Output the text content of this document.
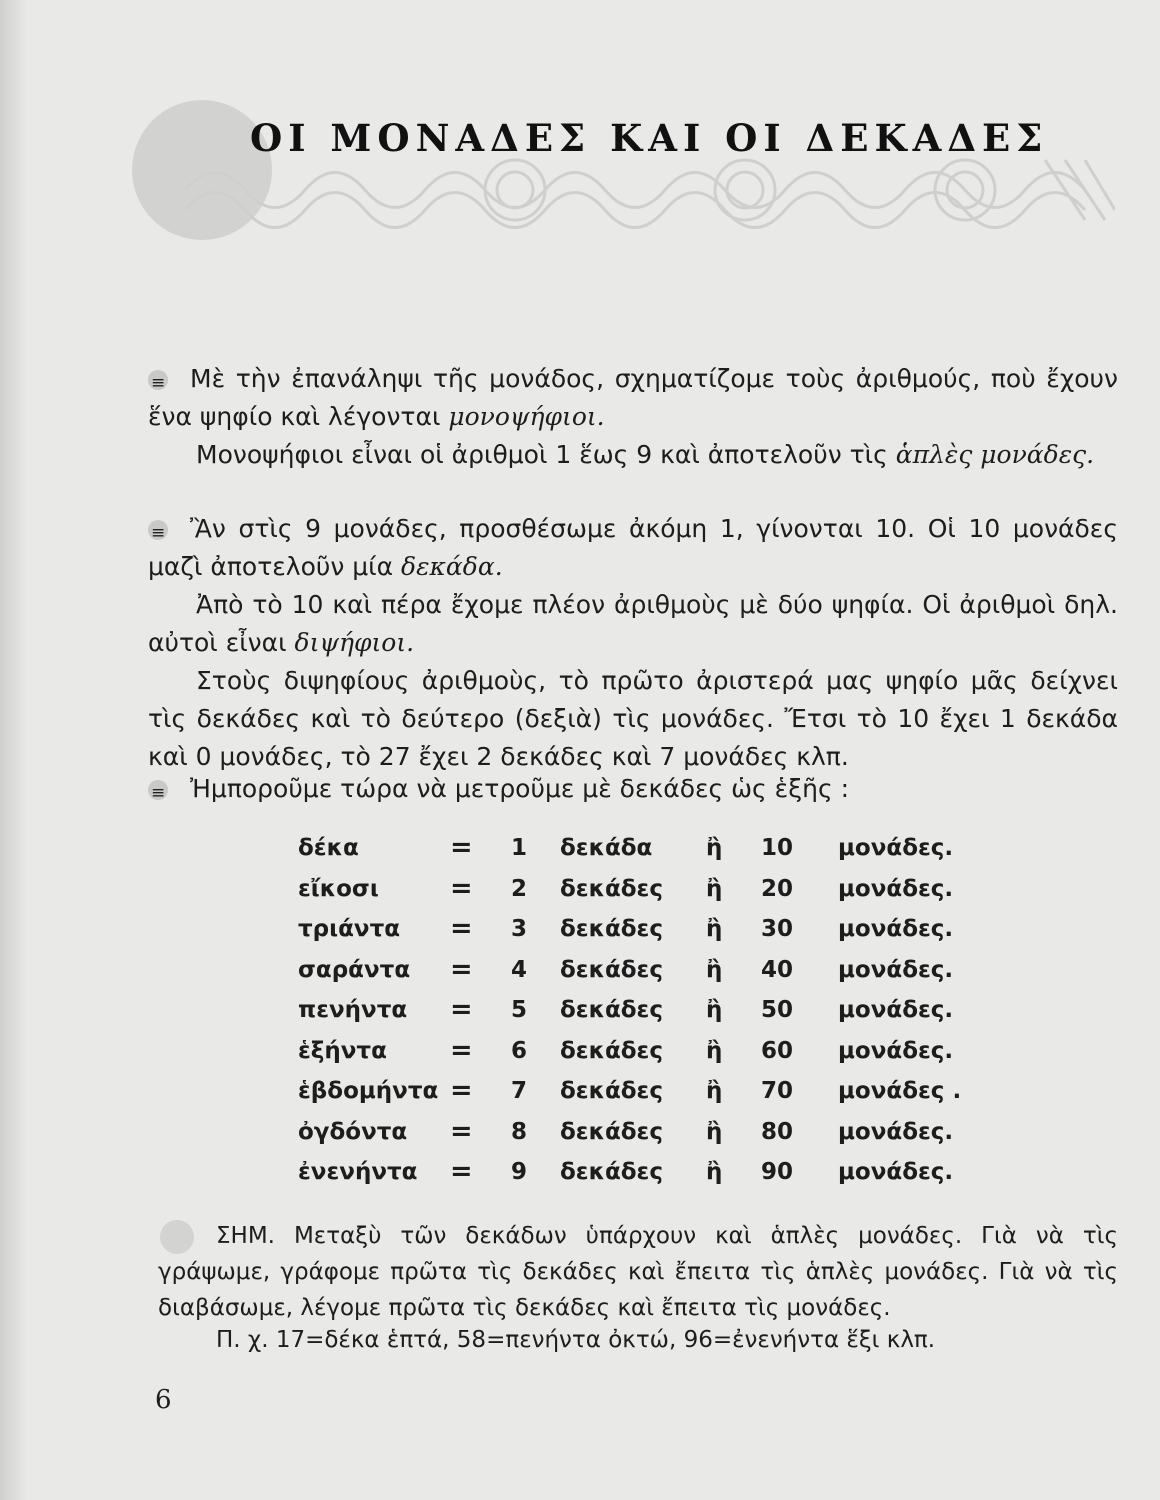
ΟΙ ΜΟΝΑΔΕΣ ΚΑΙ ΟΙ ΔΕΚΑΔΕΣ

≡Μὲ τὴν ἐπανάληψι τῆς μονάδος, σχηματίζομε τοὺς ἀριθμούς, ποὺ ἔχουν ἕνα ψηφίο καὶ λέγονται μονοψήφιοι.
Μονοψήφιοι εἶναι οἱ ἀριθμοὶ 1 ἕως 9 καὶ ἀποτελοῦν τὶς ἁπλὲς μονάδες.

≡Ἂν στὶς 9 μονάδες, προσθέσωμε ἀκόμη 1, γίνονται 10. Οἱ 10 μονάδες μαζὶ ἀποτελοῦν μία δεκάδα.
Ἀπὸ τὸ 10 καὶ πέρα ἔχομε πλέον ἀριθμοὺς μὲ δύο ψηφία. Οἱ ἀριθμοὶ δηλ. αὐτοὶ εἶναι διψήφιοι.
Στοὺς διψηφίους ἀριθμοὺς, τὸ πρῶτο ἀριστερά μας ψηφίο μᾶς δείχνει τὶς δεκάδες καὶ τὸ δεύτερο (δεξιὰ) τὶς μονάδες. Ἔτσι τὸ 10 ἔχει 1 δεκάδα καὶ 0 μονάδες, τὸ 27 ἔχει 2 δεκάδες καὶ 7 μονάδες κλπ.

≡Ἠμποροῦμε τώρα νὰ μετροῦμε μὲ δεκάδες ὡς ἑξῆς :

δέκα	= 1 δεκάδα ἢ 10 μονάδες.
εἴκοσι	= 2 δεκάδες ἢ 20 μονάδες.
τριάντα = 3 δεκάδες ἢ 30 μονάδες.
σαράντα = 4 δεκάδες ἢ 40 μονάδες.
πενήντα = 5 δεκάδες ἢ 50 μονάδες.
ἑξήντα = 6 δεκάδες ἢ 60 μονάδες.
ἑβδομήντα = 7 δεκάδες ἢ 70 μονάδες .
ὀγδόντα = 8 δεκάδες ἢ 80 μονάδες.
ἐνενήντα = 9 δεκάδες ἢ 90 μονάδες.

ΣΗΜ. Μεταξὺ τῶν δεκάδων ὑπάρχουν καὶ ἁπλὲς μονάδες. Γιὰ νὰ τὶς γράψωμε, γράφομε πρῶτα τὶς δεκάδες καὶ ἔπειτα τὶς ἁπλὲς μονάδες. Γιὰ νὰ τὶς διαβάσωμε, λέγομε πρῶτα τὶς δεκάδες καὶ ἔπειτα τὶς μονάδες.

Π. χ. 17=δέκα ἑπτά, 58=πενήντα ὀκτώ, 96=ἐνενήντα ἕξι κλπ.
6
